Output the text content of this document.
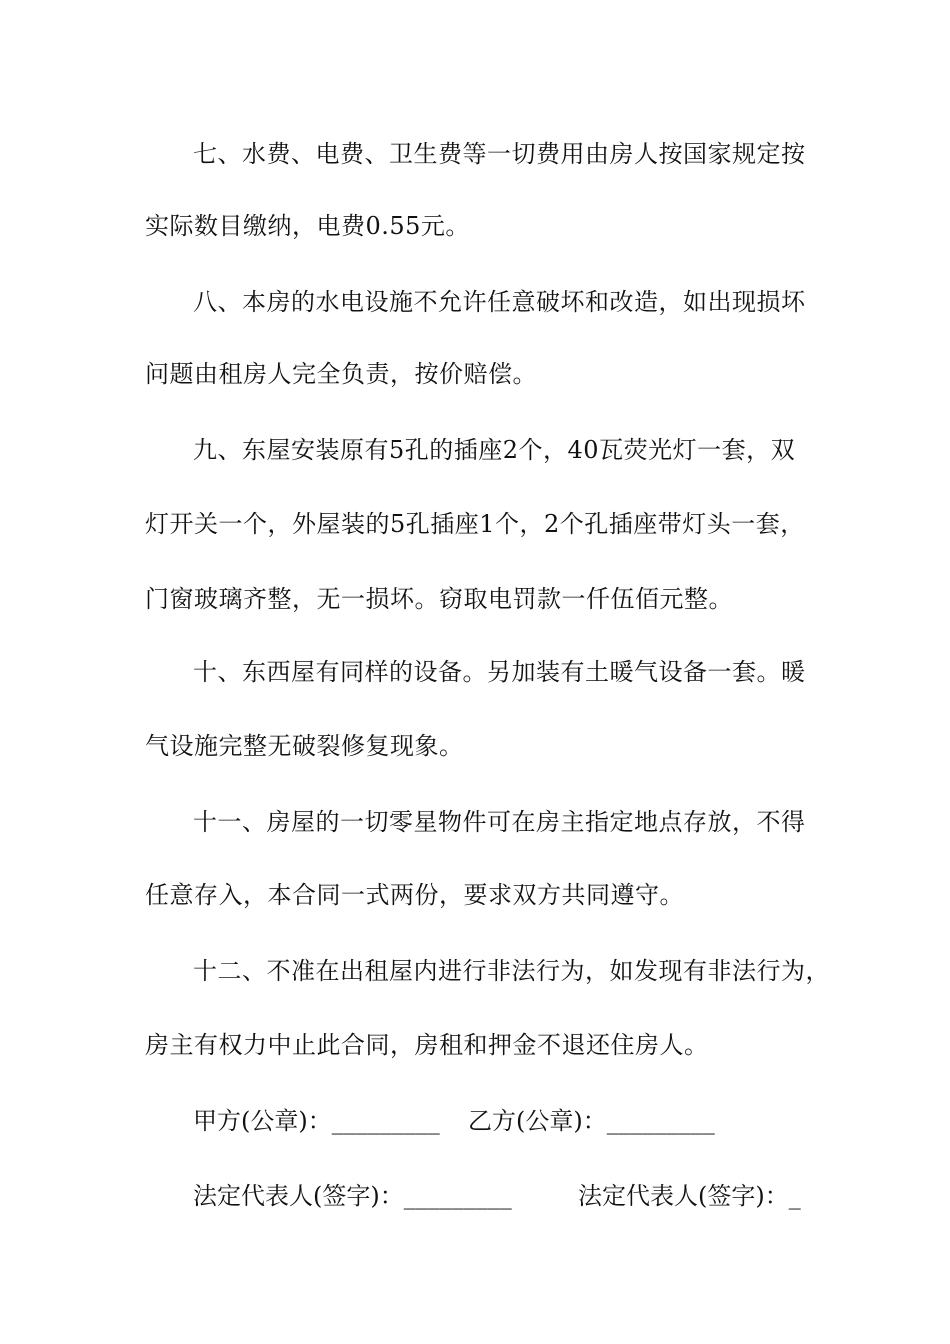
七、水费、电费、卫生费等一切费用由房人按国家规定按
实际数目缴纳，电费0.55元。
八、本房的水电设施不允许任意破坏和改造，如出现损坏
问题由租房人完全负责，按价赔偿。
九、东屋安装原有5孔的插座2个，40瓦荧光灯一套，双
灯开关一个，外屋装的5孔插座1个，2个孔插座带灯头一套，
门窗玻璃齐整，无一损坏。窃取电罚款一仟伍佰元整。
十、东西屋有同样的设备。另加装有土暖气设备一套。暖
气设施完整无破裂修复现象。
十一、房屋的一切零星物件可在房主指定地点存放，不得
任意存入，本合同一式两份，要求双方共同遵守。
十二、不准在出租屋内进行非法行为，如发现有非法行为，
房主有权力中止此合同，房租和押金不退还住房人。
甲方(公章)：_________ 乙方(公章)：_________
法定代表人(签字)：_________	法定代表人(签字)：_
